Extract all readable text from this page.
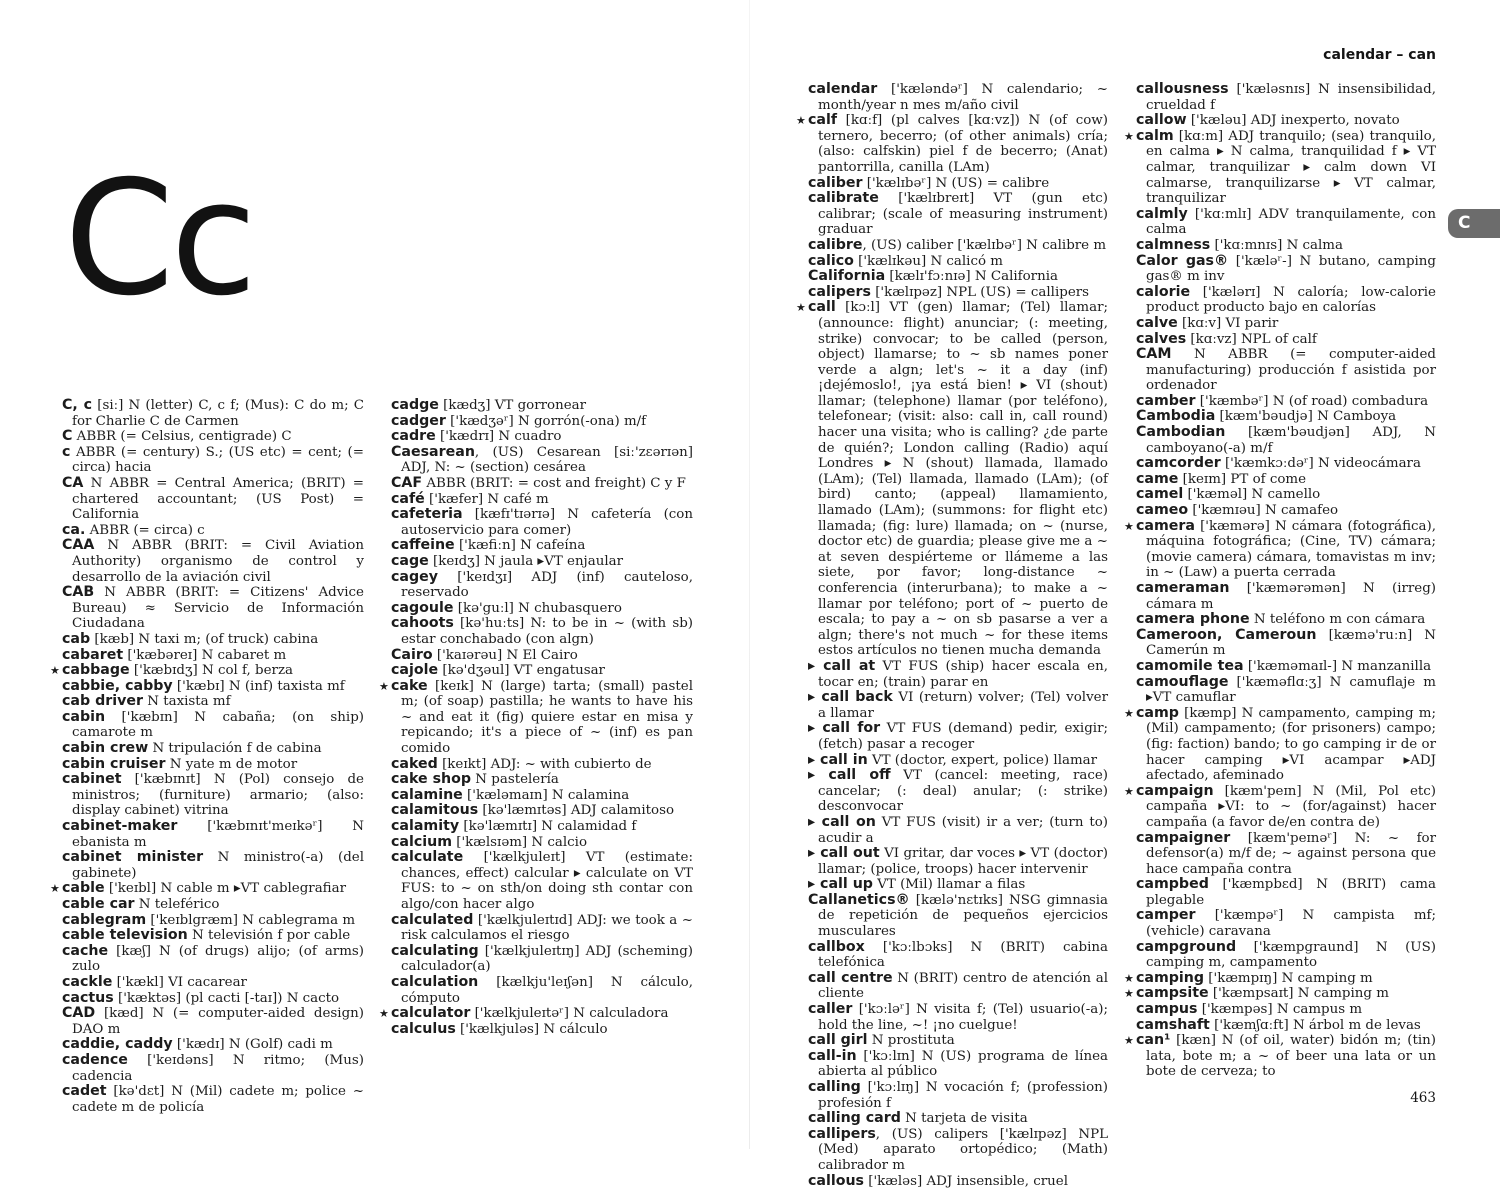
Cc

C, c [siː] N (letter) C, c f; (Mus): C do m; C for Charlie C de Carmen

C ABBR (= Celsius, centigrade) C

c ABBR (= century) S.; (US etc) = cent; (= circa) hacia

CA N ABBR = Central America; (BRIT) = chartered accountant; (US Post) = California

ca. ABBR (= circa) c

CAA N ABBR (BRIT: = Civil Aviation Authority) organismo de control y desarrollo de la aviación civil

CAB N ABBR (BRIT: = Citizens' Advice Bureau) ≈ Servicio de Información Ciudadana

cab [kæb] N taxi m; (of truck) cabina

cabaret ['kæbəreɪ] N cabaret m

★ cabbage ['kæbɪdʒ] N col f, berza

cabbie, cabby ['kæbɪ] N (inf) taxista mf

cab driver N taxista mf

cabin ['kæbɪn] N cabaña; (on ship) camarote m

cabin crew N tripulación f de cabina

cabin cruiser N yate m de motor

cabinet ['kæbɪnɪt] N (Pol) consejo de ministros; (furniture) armario; (also: display cabinet) vitrina

cabinet-maker ['kæbɪnɪt'meɪkəʳ] N ebanista m

cabinet minister N ministro(-a) (del gabinete)

★ cable ['keɪbl] N cable m ▸VT cablegrafiar

cable car N teleférico

cablegram ['keɪblgræm] N cablegrama m

cable television N televisión f por cable

cache [kæʃ] N (of drugs) alijo; (of arms) zulo

cackle ['kækl] VI cacarear

cactus ['kæktəs] (pl cacti [-taɪ]) N cacto

CAD [kæd] N (= computer-aided design) DAO m

caddie, caddy ['kædɪ] N (Golf) cadi m

cadence ['keɪdəns] N ritmo; (Mus) cadencia

cadet [kə'dɛt] N (Mil) cadete m; police ~ cadete m de policía

cadge [kædʒ] VT gorronear

cadger ['kædʒəʳ] N gorrón(-ona) m/f

cadre ['kædrɪ] N cuadro

Caesarean, (US) Cesarean [siː'zɛərɪən] ADJ, N: ~ (section) cesárea

CAF ABBR (BRIT: = cost and freight) C y F

café ['kæfer] N café m

cafeteria [kæfɪ'tɪərɪə] N cafetería (con autoservicio para comer)

caffeine ['kæfiːn] N cafeína

cage [keɪdʒ] N jaula ▸VT enjaular

cagey ['keɪdʒɪ] ADJ (inf) cauteloso, reservado

cagoule [kə'guːl] N chubasquero

cahoots [kə'huːts] N: to be in ~ (with sb) estar conchabado (con algn)

Cairo ['kaɪərəu] N El Cairo

cajole [kə'dʒəul] VT engatusar

★ cake [keɪk] N (large) tarta; (small) pastel m; (of soap) pastilla; he wants to have his ~ and eat it (fig) quiere estar en misa y repicando; it's a piece of ~ (inf) es pan comido

caked [keɪkt] ADJ: ~ with cubierto de

cake shop N pastelería

calamine ['kæləmaɪn] N calamina

calamitous [kə'læmɪtəs] ADJ calamitoso

calamity [kə'læmɪtɪ] N calamidad f

calcium ['kælsɪəm] N calcio

calculate ['kælkjuleɪt] VT (estimate: chances, effect) calcular ▸ calculate on VT FUS: to ~ on sth/on doing sth contar con algo/con hacer algo

calculated ['kælkjuleɪtɪd] ADJ: we took a ~ risk calculamos el riesgo

calculating ['kælkjuleɪtɪŋ] ADJ (scheming) calculador(a)

calculation [kælkju'leɪʃən] N cálculo, cómputo

★ calculator ['kælkjuleɪtəʳ] N calculadora

calculus ['kælkjuləs] N cálculo

calendar – can
C

calendar ['kæləndəʳ] N calendario; ~ month/year n mes m/año civil

★ calf [kɑːf] (pl calves [kɑːvz]) N (of cow) ternero, becerro; (of other animals) cría; (also: calfskin) piel f de becerro; (Anat) pantorrilla, canilla (LAm)

caliber ['kælɪbəʳ] N (US) = calibre

calibrate ['kælɪbreɪt] VT (gun etc) calibrar; (scale of measuring instrument) graduar

calibre, (US) caliber ['kælɪbəʳ] N calibre m

calico ['kælɪkəu] N calicó m

California [kælɪ'fɔːnɪə] N California

calipers ['kælɪpəz] NPL (US) = callipers

★ call [kɔːl] VT (gen) llamar; (Tel) llamar; (announce: flight) anunciar; (: meeting, strike) convocar; to be called (person, object) llamarse; to ~ sb names poner verde a algn; let's ~ it a day (inf) ¡dejémoslo!, ¡ya está bien! ▸ VI (shout) llamar; (telephone) llamar (por teléfono), telefonear; (visit: also: call in, call round) hacer una visita; who is calling? ¿de parte de quién?; London calling (Radio) aquí Londres ▸ N (shout) llamada, llamado (LAm); (Tel) llamada, llamado (LAm); (of bird) canto; (appeal) llamamiento, llamado (LAm); (summons: for flight etc) llamada; (fig: lure) llamada; on ~ (nurse, doctor etc) de guardia; please give me a ~ at seven despiérteme or llámeme a las siete, por favor; long-distance ~ conferencia (interurbana); to make a ~ llamar por teléfono; port of ~ puerto de escala; to pay a ~ on sb pasarse a ver a algn; there's not much ~ for these items estos artículos no tienen mucha demanda

▸ call at VT FUS (ship) hacer escala en, tocar en; (train) parar en

▸ call back VI (return) volver; (Tel) volver a llamar

▸ call for VT FUS (demand) pedir, exigir; (fetch) pasar a recoger

▸ call in VT (doctor, expert, police) llamar

▸ call off VT (cancel: meeting, race) cancelar; (: deal) anular; (: strike) desconvocar

▸ call on VT FUS (visit) ir a ver; (turn to) acudir a

▸ call out VI gritar, dar voces ▸ VT (doctor) llamar; (police, troops) hacer intervenir

▸ call up VT (Mil) llamar a filas

Callanetics® [kælə'nɛtɪks] NSG gimnasia de repetición de pequeños ejercicios musculares

callbox ['kɔːlbɔks] N (BRIT) cabina telefónica

call centre N (BRIT) centro de atención al cliente

caller ['kɔːləʳ] N visita f; (Tel) usuario(-a); hold the line, ~! ¡no cuelgue!

call girl N prostituta

call-in ['kɔːlɪn] N (US) programa de línea abierta al público

calling ['kɔːlɪŋ] N vocación f; (profession) profesión f

calling card N tarjeta de visita

callipers, (US) calipers ['kælɪpəz] NPL (Med) aparato ortopédico; (Math) calibrador m

callous ['kæləs] ADJ insensible, cruel

callousness ['kæləsnɪs] N insensibilidad, crueldad f

callow ['kæləu] ADJ inexperto, novato

★ calm [kɑːm] ADJ tranquilo; (sea) tranquilo, en calma ▸ N calma, tranquilidad f ▸ VT calmar, tranquilizar ▸ calm down VI calmarse, tranquilizarse ▸ VT calmar, tranquilizar

calmly ['kɑːmlɪ] ADV tranquilamente, con calma

calmness ['kɑːmnɪs] N calma

Calor gas® ['kæləʳ-] N butano, camping gas® m inv

calorie ['kælərɪ] N caloría; low-calorie product producto bajo en calorías

calve [kɑːv] VI parir

calves [kɑːvz] NPL of calf

CAM N ABBR (= computer-aided manufacturing) producción f asistida por ordenador

camber ['kæmbəʳ] N (of road) combadura

Cambodia [kæm'bəudjə] N Camboya

Cambodian [kæm'bəudjən] ADJ, N camboyano(-a) m/f

camcorder ['kæmkɔːdəʳ] N videocámara

came [keɪm] PT of come

camel ['kæməl] N camello

cameo ['kæmɪəu] N camafeo

★ camera ['kæmərə] N cámara (fotográfica), máquina fotográfica; (Cine, TV) cámara; (movie camera) cámara, tomavistas m inv; in ~ (Law) a puerta cerrada

cameraman ['kæmərəmən] N (irreg) cámara m

camera phone N teléfono m con cámara

Cameroon, Cameroun [kæmə'ruːn] N Camerún m

camomile tea ['kæməmaɪl-] N manzanilla

camouflage ['kæməflɑːʒ] N camuflaje m ▸VT camuflar

★ camp [kæmp] N campamento, camping m; (Mil) campamento; (for prisoners) campo; (fig: faction) bando; to go camping ir de or hacer camping ▸VI acampar ▸ADJ afectado, afeminado

★ campaign [kæm'peɪn] N (Mil, Pol etc) campaña ▸VI: to ~ (for/against) hacer campaña (a favor de/en contra de)

campaigner [kæm'peɪnəʳ] N: ~ for defensor(a) m/f de; ~ against persona que hace campaña contra

campbed ['kæmpbɛd] N (BRIT) cama plegable

camper ['kæmpəʳ] N campista mf; (vehicle) caravana

campground ['kæmpgraund] N (US) camping m, campamento

★ camping ['kæmpɪŋ] N camping m

★ campsite ['kæmpsaɪt] N camping m

campus ['kæmpəs] N campus m

camshaft ['kæmʃɑːft] N árbol m de levas

★ can¹ [kæn] N (of oil, water) bidón m; (tin) lata, bote m; a ~ of beer una lata or un bote de cerveza; to

463
